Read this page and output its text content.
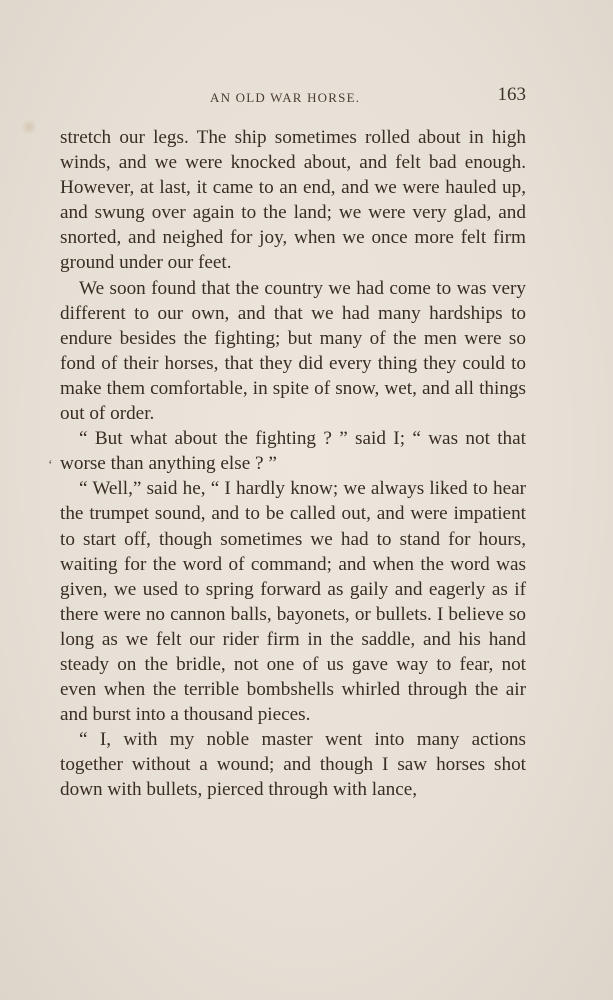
AN OLD WAR HORSE.	163
ʻ

stretch our legs. The ship sometimes rolled about in high winds, and we were knocked about, and felt bad enough. However, at last, it came to an end, and we were hauled up, and swung over again to the land; we were very glad, and snorted, and neighed for joy, when we once more felt firm ground under our feet.

We soon found that the country we had come to was very different to our own, and that we had many hardships to endure besides the fighting; but many of the men were so fond of their horses, that they did every thing they could to make them comfortable, in spite of snow, wet, and all things out of order.

“ But what about the fighting ? ” said I; “ was not that worse than anything else ? ”

“ Well,” said he, “ I hardly know; we always liked to hear the trumpet sound, and to be called out, and were impatient to start off, though sometimes we had to stand for hours, waiting for the word of command; and when the word was given, we used to spring forward as gaily and eagerly as if there were no cannon balls, bayonets, or bullets. I believe so long as we felt our rider firm in the saddle, and his hand steady on the bridle, not one of us gave way to fear, not even when the terrible bombshells whirled through the air and burst into a thousand pieces.

“ I, with my noble master went into many actions together without a wound; and though I saw horses shot down with bullets, pierced through with lance,
